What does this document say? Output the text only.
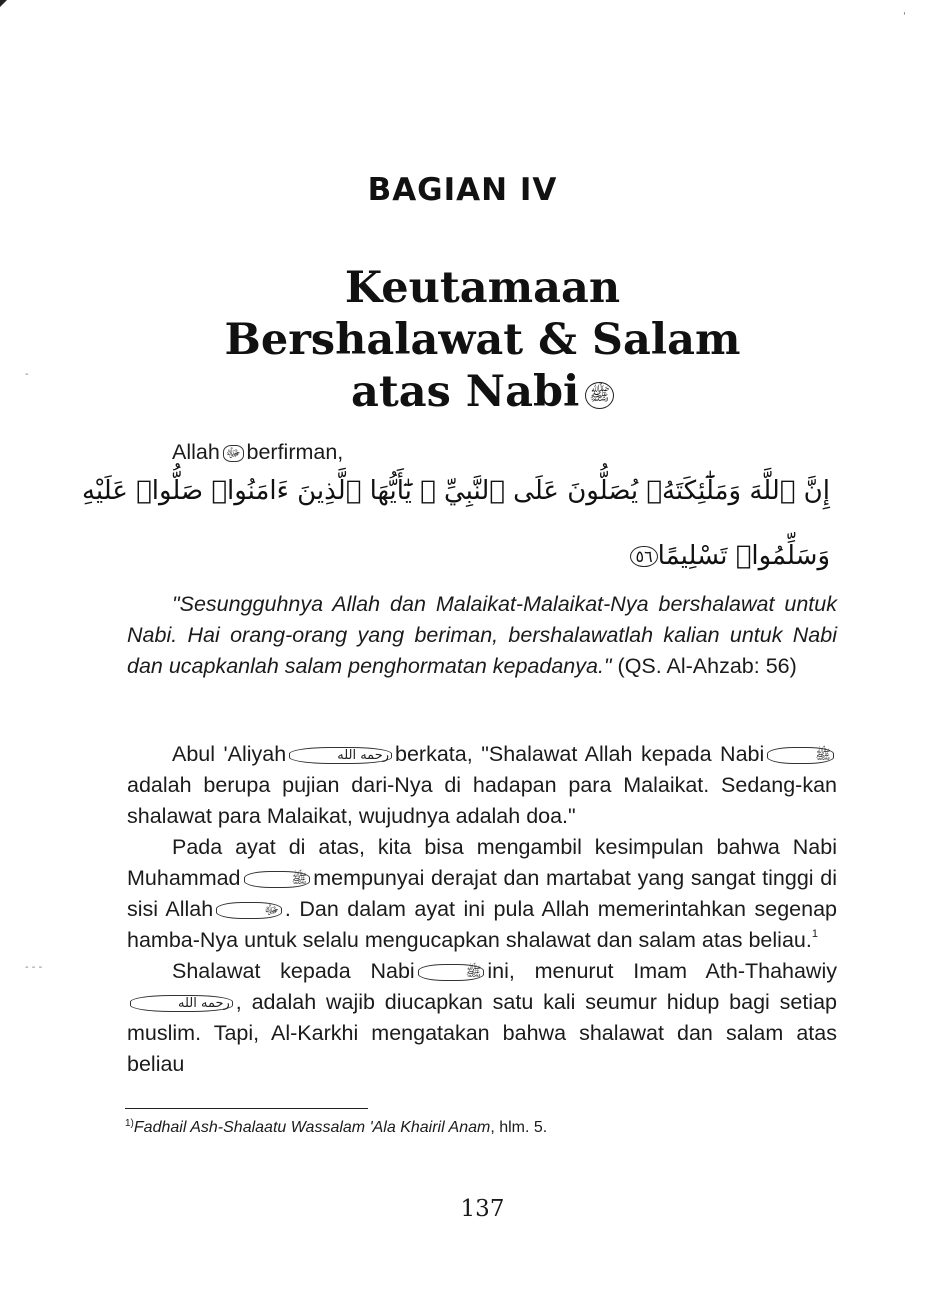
-
- - -
'
BAGIAN IV
Keutamaan
Bershalawat & Salam
atas Nabi ﷺ
Allah ﷻ berfirman,
إِنَّ ٱللَّهَ وَمَلَٰٓئِكَتَهُۥ يُصَلُّونَ عَلَى ٱلنَّبِيِّ ۚ يَٰٓأَيُّهَا ٱلَّذِينَ ءَامَنُوا۟ صَلُّوا۟ عَلَيْهِ
وَسَلِّمُوا۟ تَسْلِيمًا٥٦
"Sesungguhnya Allah dan Malaikat-Malaikat-Nya bershalawat untuk Nabi. Hai orang-orang yang beriman, bershalawatlah kalian untuk Nabi dan ucapkanlah salam penghormatan kepadanya." (QS. Al-Ahzab: 56)

Abul 'Aliyah	رحمه الله berkata, "Shalawat Allah kepada Nabi	ﷺadalah berupa pujian dari-Nya di hadapan para Malaikat. Sedang-kan shalawat para Malaikat, wujudnya adalah doa."

Pada ayat di atas, kita bisa mengambil kesimpulan bahwa Nabi Muhammad	ﷺ mempunyai derajat dan martabat yang sangat tinggi di sisi Allah	ﷻ . Dan dalam ayat ini pula Allah memerintahkan segenap hamba-Nya untuk selalu mengucapkan shalawat dan salam atas beliau.$^1$

Shalawat kepada Nabi	ﷺ ini, menurut Imam Ath-Thahawiyرحمه الله , adalah wajib diucapkan satu kali seumur hidup bagi setiap muslim. Tapi, Al-Karkhi mengatakan bahwa shalawat dan salam atas beliau

$^{1)}$Fadhail Ash-Shalaatu Wassalam 'Ala Khairil Anam, hlm. 5.
137
